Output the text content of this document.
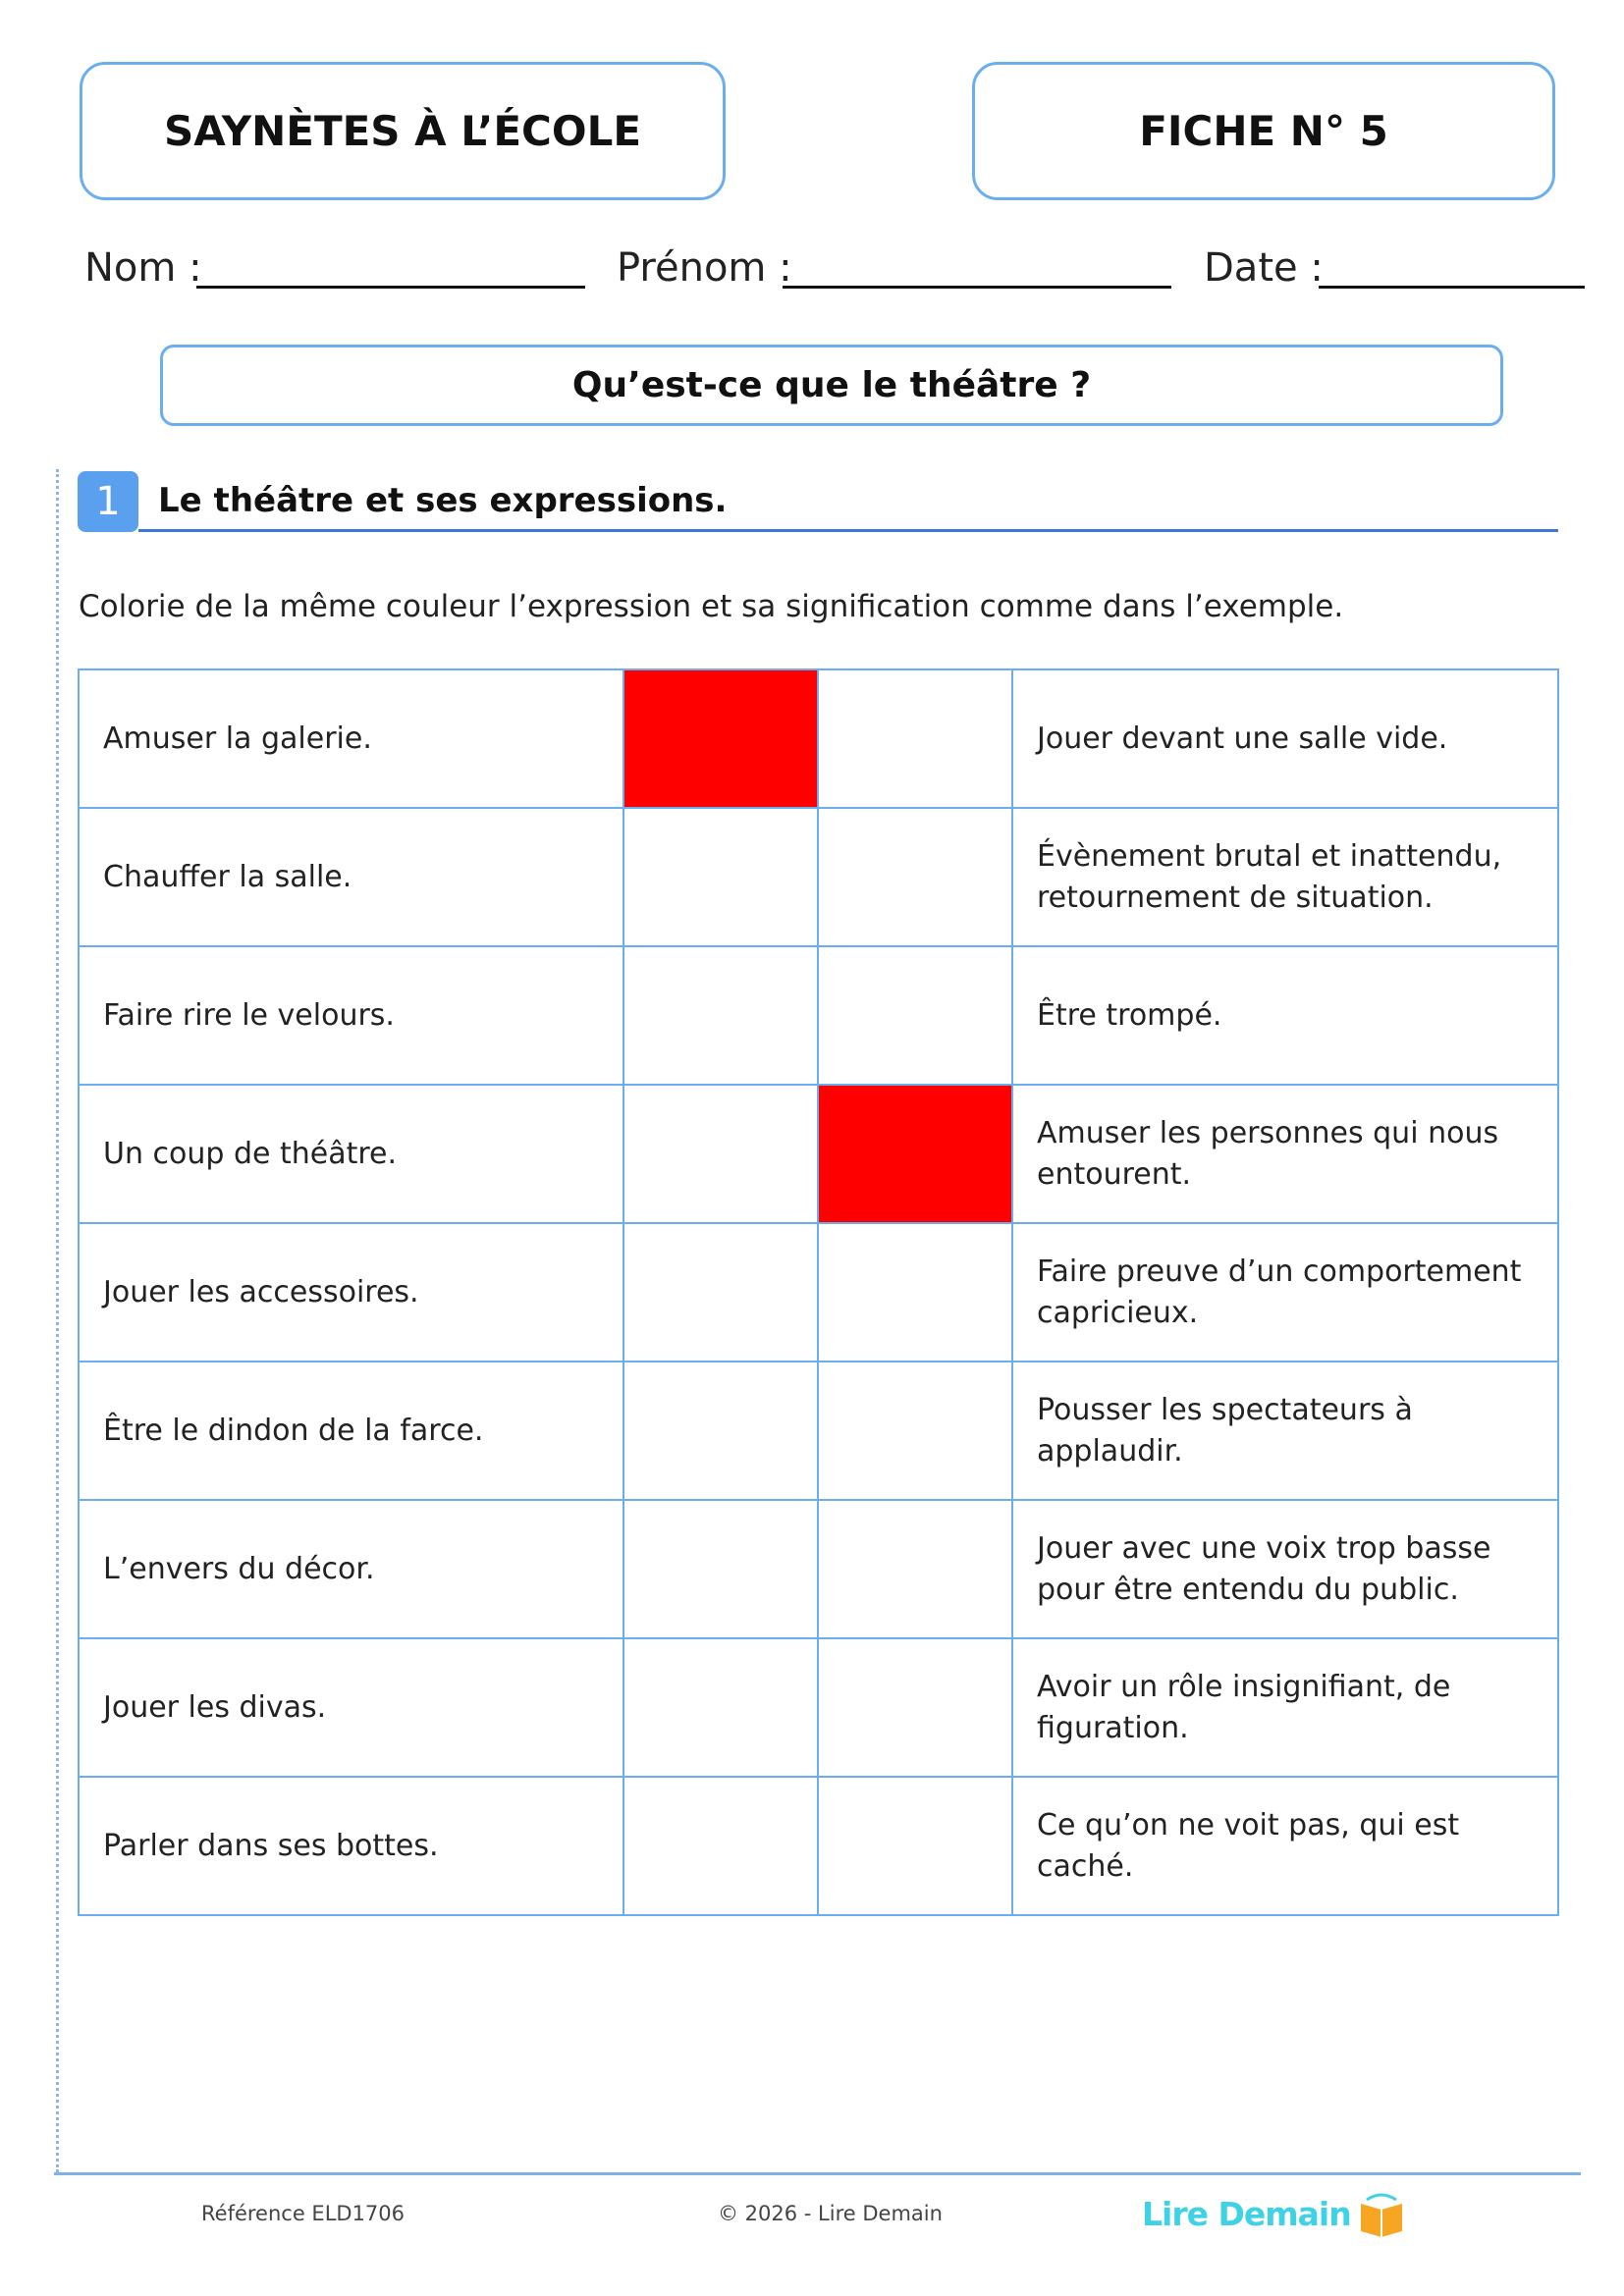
SAYNÈTES À L’ÉCOLE	FICHE N° 5
Nom :	Prénom :	Date :
Qu’est-ce que le théâtre ?
1	Le théâtre et ses expressions.
Colorie de la même couleur l’expression et sa signification comme dans l’exemple.
Amuser la galerie.			Jouer devant une salle vide.
Chauffer la salle.			Évènement brutal et inattendu, retournement de situation.
Faire rire le velours.			Être trompé.
Un coup de théâtre.			Amuser les personnes qui nous entourent.
Jouer les accessoires.			Faire preuve d’un comportement capricieux.
Être le dindon de la farce.			Pousser les spectateurs à applaudir.
L’envers du décor.			Jouer avec une voix trop basse pour être entendu du public.
Jouer les divas.			Avoir un rôle insignifiant, de figuration.
Parler dans ses bottes.			Ce qu’on ne voit pas, qui est caché.
Référence ELD1706	© 2026 - Lire Demain	Lire Demain
